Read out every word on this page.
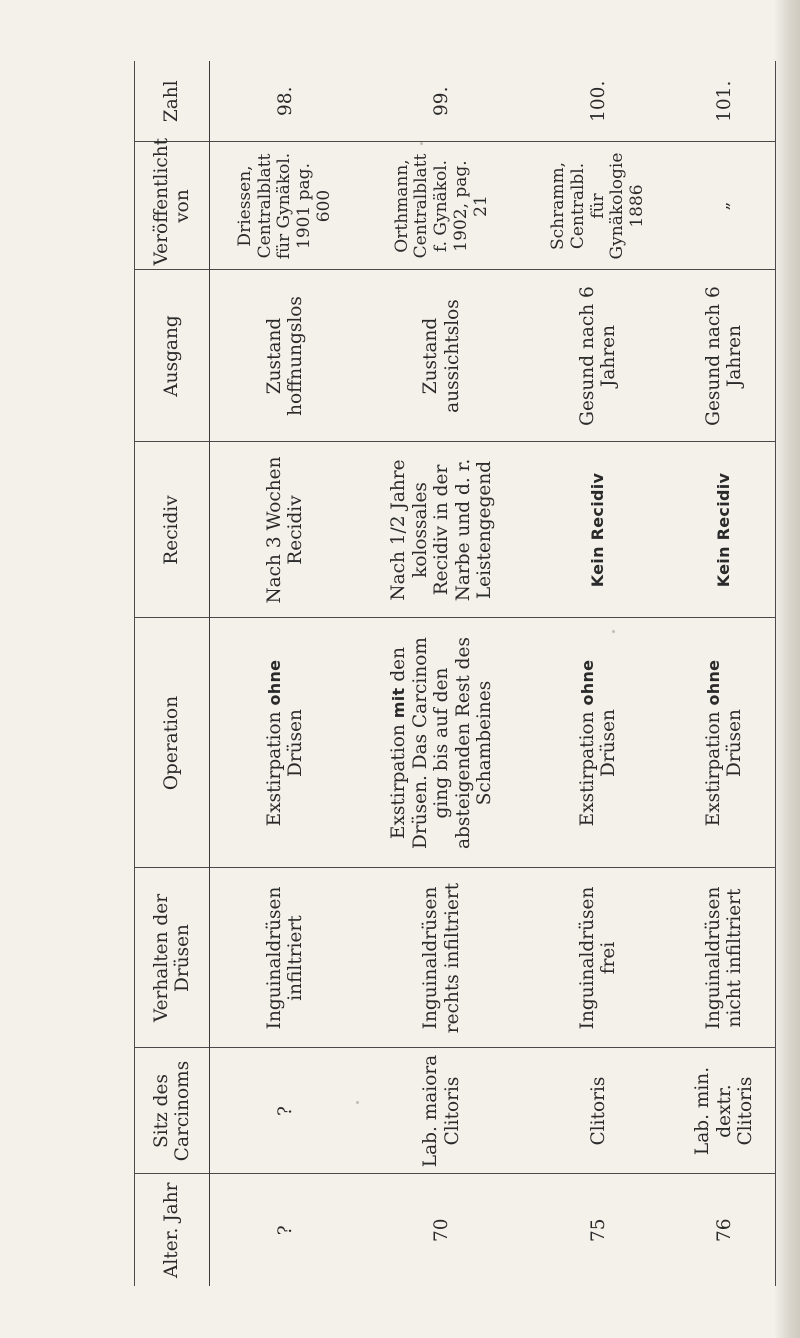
Alter. Jahr	Sitz des Carcinoms	Verhalten der Drüsen	Operation	Recidiv	Ausgang	Veröffentlicht von	Zahl
?	?	Inguinaldrüsen infiltriert	Exstirpation ohne Drüsen	Nach 3 Wochen Recidiv	Zustand hoffnungslos	Driessen, Centralblatt für Gynäkol. 1901 pag. 600	98.
70	Lab. maiora Clitoris	Inguinaldrüsen rechts infiltriert	Exstirpation mit den Drüsen. Das Carcinom ging bis auf den absteigenden Rest des Schambeines	Nach 1/2 Jahre kolossales Recidiv in der Narbe und d. r. Leistengegend	Zustand aussichtslos	Orthmann, Centralblatt f. Gynäkol. 1902, pag. 21	99.
75	Clitoris	Inguinaldrüsen frei	Exstirpation ohne Drüsen	Kein Recidiv	Gesund nach 6 Jahren	Schramm, Centralbl. für Gynäkologie 1886	100.
76	Lab. min. dextr. Clitoris	Inguinaldrüsen nicht infiltriert	Exstirpation ohne Drüsen	Kein Recidiv	Gesund nach 6 Jahren	„	101.
